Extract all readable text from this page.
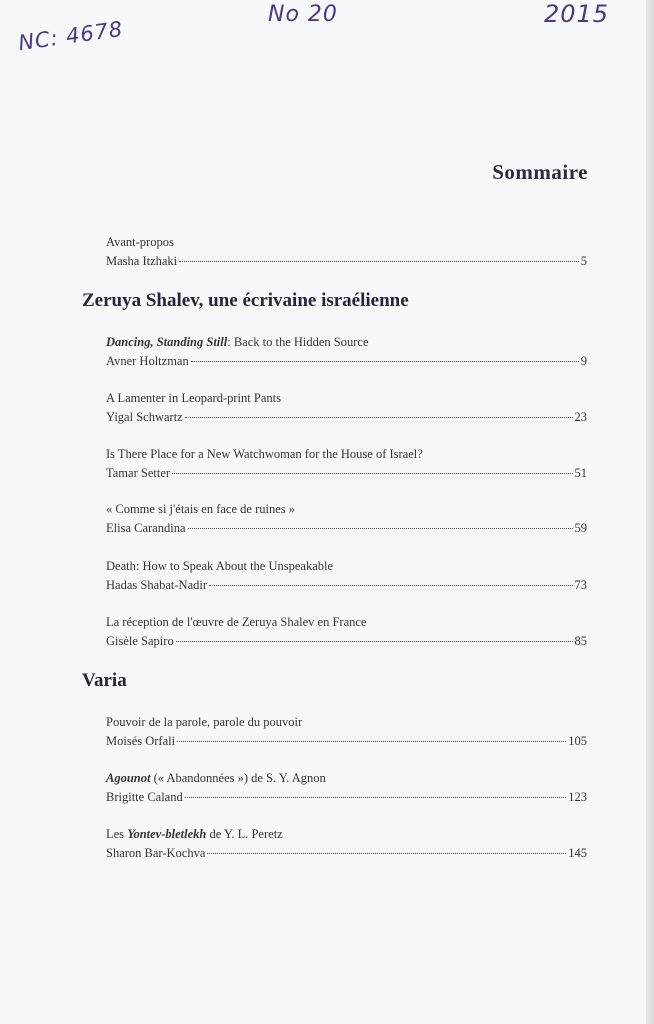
NC: 4678
No 20	2015
Sommaire
Avant-propos
Masha Itzhaki	5
Zeruya Shalev, une écrivaine israélienne
Dancing, Standing Still: Back to the Hidden Source
Avner Holtzman	9
A Lamenter in Leopard-print Pants
Yigal Schwartz	23
Is There Place for a New Watchwoman for the House of Israel?
Tamar Setter	51
« Comme si j'étais en face de ruines »
Elisa Carandina	59
Death: How to Speak About the Unspeakable
Hadas Shabat-Nadir	73
La réception de l'œuvre de Zeruya Shalev en France
Gisèle Sapiro	85
Varia
Pouvoir de la parole, parole du pouvoir
Moisés Orfali	105
Agounot (« Abandonnées ») de S. Y. Agnon
Brigitte Caland	123
Les Yontev-bletlekh de Y. L. Peretz
Sharon Bar-Kochva	145
